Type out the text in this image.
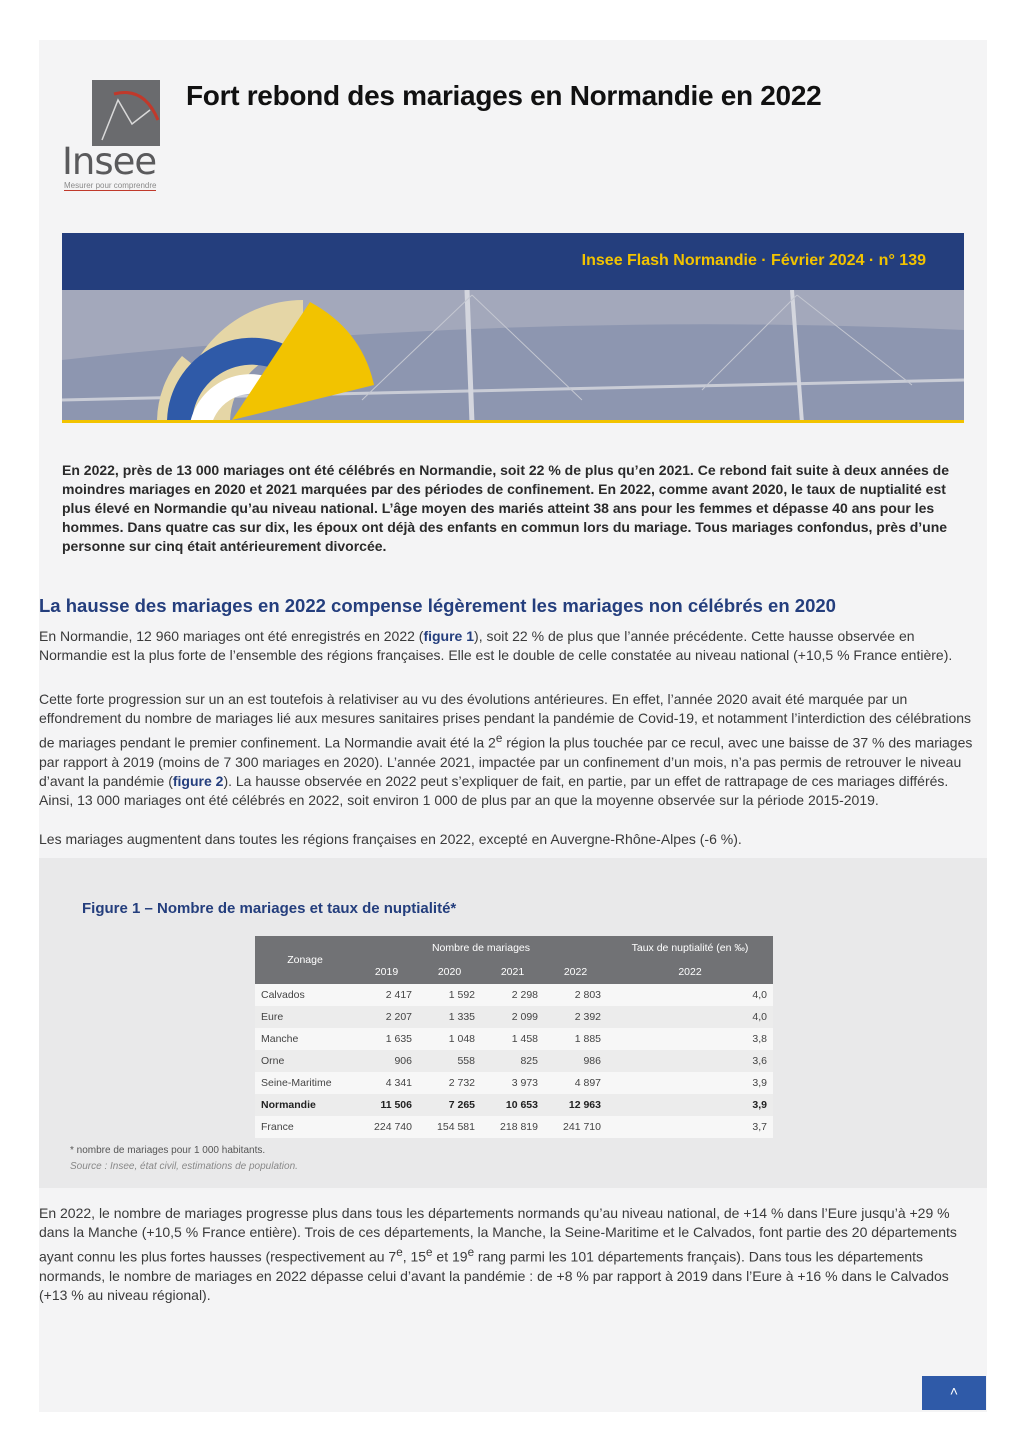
Insee
Mesurer pour comprendre
Fort rebond des mariages en Normandie en 2022
Insee Flash Normandie · Février 2024 · n° 139

En 2022, près de 13 000 mariages ont été célébrés en Normandie, soit 22 % de plus qu’en 2021. Ce rebond fait suite à deux années de moindres mariages en 2020 et 2021 marquées par des périodes de confinement. En 2022, comme avant 2020, le taux de nuptialité est plus élevé en Normandie qu’au niveau national. L’âge moyen des mariés atteint 38 ans pour les femmes et dépasse 40 ans pour les hommes. Dans quatre cas sur dix, les époux ont déjà des enfants en commun lors du mariage. Tous mariages confondus, près d’une personne sur cinq était antérieurement divorcée.

La hausse des mariages en 2022 compense légèrement les mariages non célébrés en 2020

En Normandie, 12 960 mariages ont été enregistrés en 2022 (figure 1), soit 22 % de plus que l’année précédente. Cette hausse observée en Normandie est la plus forte de l’ensemble des régions françaises. Elle est le double de celle constatée au niveau national (+10,5 % France entière).

Cette forte progression sur un an est toutefois à relativiser au vu des évolutions antérieures. En effet, l’année 2020 avait été marquée par un effondrement du nombre de mariages lié aux mesures sanitaires prises pendant la pandémie de Covid-19, et notamment l’interdiction des célébrations de mariages pendant le premier confinement. La Normandie avait été la 2e région la plus touchée par ce recul, avec une baisse de 37 % des mariages par rapport à 2019 (moins de 7 300 mariages en 2020). L’année 2021, impactée par un confinement d’un mois, n’a pas permis de retrouver le niveau d’avant la pandémie (figure 2). La hausse observée en 2022 peut s’expliquer de fait, en partie, par un effet de rattrapage de ces mariages différés. Ainsi, 13 000 mariages ont été célébrés en 2022, soit environ 1 000 de plus par an que la moyenne observée sur la période 2015-2019.

Les mariages augmentent dans toutes les régions françaises en 2022, excepté en Auvergne-Rhône-Alpes (-6 %).

Figure 1 – Nombre de mariages et taux de nuptialité*
Zonage	Nombre de mariages				Taux de nuptialité (en ‰)
	2019	2020	2021	2022	2022
Calvados	2 417	1 592	2 298	2 803	4,0
Eure	2 207	1 335	2 099	2 392	4,0
Manche	1 635	1 048	1 458	1 885	3,8
Orne	906	558	825	986	3,6
Seine-Maritime	4 341	2 732	3 973	4 897	3,9
Normandie	11 506	7 265	10 653	12 963	3,9
France	224 740	154 581	218 819	241 710	3,7
* nombre de mariages pour 1 000 habitants.
Source : Insee, état civil, estimations de population.

En 2022, le nombre de mariages progresse plus dans tous les départements normands qu’au niveau national, de +14 % dans l’Eure jusqu’à +29 % dans la Manche (+10,5 % France entière). Trois de ces départements, la Manche, la Seine-Maritime et le Calvados, font partie des 20 départements ayant connu les plus fortes hausses (respectivement au 7e, 15e et 19e rang parmi les 101 départements français). Dans tous les départements normands, le nombre de mariages en 2022 dépasse celui d’avant la pandémie : de +8 % par rapport à 2019 dans l’Eure à +16 % dans le Calvados (+13 % au niveau régional).

˄
